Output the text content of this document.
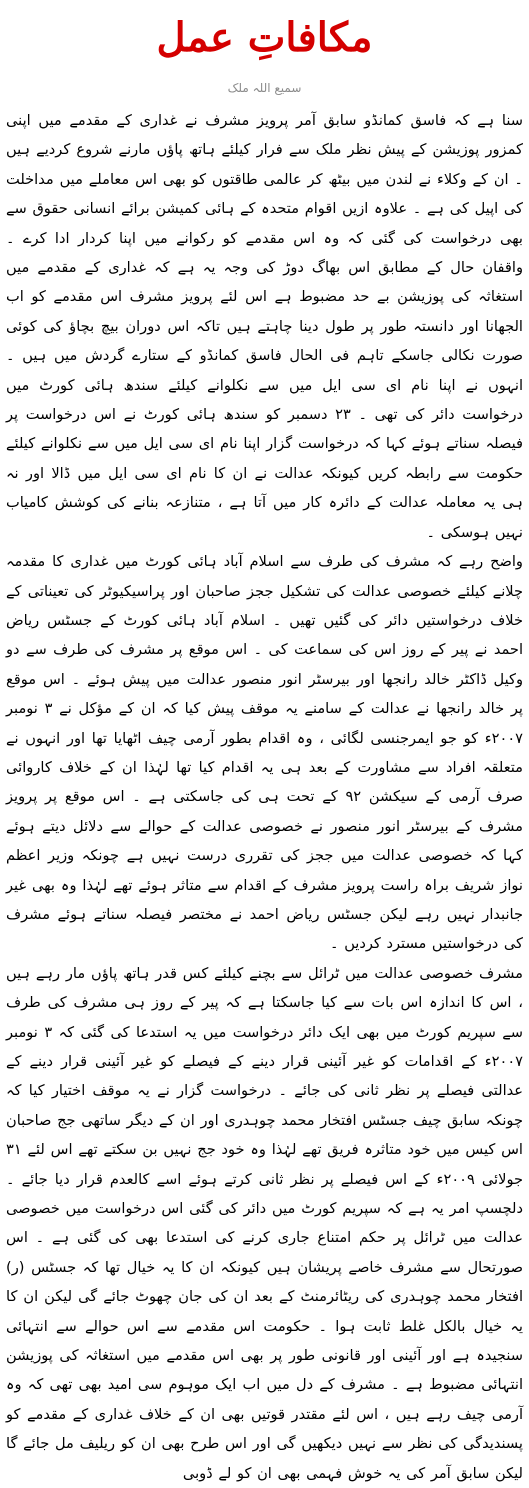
مکافاتِ عمل
سمیع اللہ ملک

سنا ہے کہ فاسق کمانڈو سابق آمر پرویز مشرف نے غداری کے مقدمے میں اپنی کمزور پوزیشن کے پیش نظر ملک سے فرار کیلئے ہاتھ پاؤں مارنے شروع کردیے ہیں ۔ ان کے وکلاء نے لندن میں بیٹھ کر عالمی طاقتوں کو بھی اس معاملے میں مداخلت کی اپیل کی ہے ۔ علاوہ ازیں اقوام متحدہ کے ہائی کمیشن برائے انسانی حقوق سے بھی درخواست کی گئی کہ وہ اس مقدمے کو رکوانے میں اپنا کردار ادا کرے ۔ واقفان حال کے مطابق اس بھاگ دوڑ کی وجہ یہ ہے کہ غداری کے مقدمے میں استغاثہ کی پوزیشن بے حد مضبوط ہے اس لئے پرویز مشرف اس مقدمے کو اب الجھانا اور دانستہ طور پر طول دینا چاہتے ہیں تاکہ اس دوران بیچ بچاؤ کی کوئی صورت نکالی جاسکے تاہم فی الحال فاسق کمانڈو کے ستارے گردش میں ہیں ۔ انہوں نے اپنا نام ای سی ایل میں سے نکلوانے کیلئے سندھ ہائی کورٹ میں درخواست دائر کی تھی ۔ ۲۳ دسمبر کو سندھ ہائی کورٹ نے اس درخواست پر فیصلہ سناتے ہوئے کہا کہ درخواست گزار اپنا نام ای سی ایل میں سے نکلوانے کیلئے حکومت سے رابطہ کریں کیونکہ عدالت نے ان کا نام ای سی ایل میں ڈالا اور نہ ہی یہ معاملہ عدالت کے دائرہ کار میں آتا ہے ، متنازعہ بنانے کی کوشش کامیاب نہیں ہوسکی ۔

واضح رہے کہ مشرف کی طرف سے اسلام آباد ہائی کورٹ میں غداری کا مقدمہ چلانے کیلئے خصوصی عدالت کی تشکیل ججز صاحبان اور پراسیکیوٹر کی تعیناتی کے خلاف درخواستیں دائر کی گئیں تھیں ۔ اسلام آباد ہائی کورٹ کے جسٹس ریاض احمد نے پیر کے روز اس کی سماعت کی ۔ اس موقع پر مشرف کی طرف سے دو وکیل ڈاکٹر خالد رانجھا اور بیرسٹر انور منصور عدالت میں پیش ہوئے ۔ اس موقع پر خالد رانجھا نے عدالت کے سامنے یہ موقف پیش کیا کہ ان کے مؤکل نے ۳ نومبر ۲۰۰۷ء کو جو ایمرجنسی لگائی ، وہ اقدام بطور آرمی چیف اٹھایا تھا اور انہوں نے متعلقہ افراد سے مشاورت کے بعد ہی یہ اقدام کیا تھا لہٰذا ان کے خلاف کاروائی صرف آرمی کے سیکشن ۹۲ کے تحت ہی کی جاسکتی ہے ۔ اس موقع پر پرویز مشرف کے بیرسٹر انور منصور نے خصوصی عدالت کے حوالے سے دلائل دیتے ہوئے کہا کہ خصوصی عدالت میں ججز کی تقرری درست نہیں ہے چونکہ وزیر اعظم نواز شریف براہ راست پرویز مشرف کے اقدام سے متاثر ہوئے تھے لہٰذا وہ بھی غیر جانبدار نہیں رہے لیکن جسٹس ریاض احمد نے مختصر فیصلہ سناتے ہوئے مشرف کی درخواستیں مسترد کردیں ۔

مشرف خصوصی عدالت میں ٹرائل سے بچنے کیلئے کس قدر ہاتھ پاؤں مار رہے ہیں ، اس کا اندازہ اس بات سے کیا جاسکتا ہے کہ پیر کے روز ہی مشرف کی طرف سے سپریم کورٹ میں بھی ایک دائر درخواست میں یہ استدعا کی گئی کہ ۳ نومبر ۲۰۰۷ء کے اقدامات کو غیر آئینی قرار دینے کے فیصلے کو غیر آئینی قرار دینے کے عدالتی فیصلے پر نظر ثانی کی جائے ۔ درخواست گزار نے یہ موقف اختیار کیا کہ چونکہ سابق چیف جسٹس افتخار محمد چوہدری اور ان کے دیگر ساتھی جج صاحبان اس کیس میں خود متاثرہ فریق تھے لہٰذا وہ خود جج نہیں بن سکتے تھے اس لئے ۳۱ جولائی ۲۰۰۹ء کے اس فیصلے پر نظر ثانی کرتے ہوئے اسے کالعدم قرار دیا جائے ۔ دلچسپ امر یہ ہے کہ سپریم کورٹ میں دائر کی گئی اس درخواست میں خصوصی عدالت میں ٹرائل پر حکم امتناع جاری کرنے کی استدعا بھی کی گئی ہے ۔ اس صورتحال سے مشرف خاصے پریشان ہیں کیونکہ ان کا یہ خیال تھا کہ جسٹس (ر) افتخار محمد چوہدری کی ریٹائرمنٹ کے بعد ان کی جان چھوٹ جائے گی لیکن ان کا یہ خیال بالکل غلط ثابت ہوا ۔ حکومت اس مقدمے سے اس حوالے سے انتہائی سنجیدہ ہے اور آئینی اور قانونی طور پر بھی اس مقدمے میں استغاثہ کی پوزیشن انتہائی مضبوط ہے ۔ مشرف کے دل میں اب ایک موہوم سی امید بھی تھی کہ وہ آرمی چیف رہے ہیں ، اس لئے مقتدر قوتیں بھی ان کے خلاف غداری کے مقدمے کو پسندیدگی کی نظر سے نہیں دیکھیں گی اور اس طرح بھی ان کو ریلیف مل جائے گا لیکن سابق آمر کی یہ خوش فہمی بھی ان کو لے ڈوبی
